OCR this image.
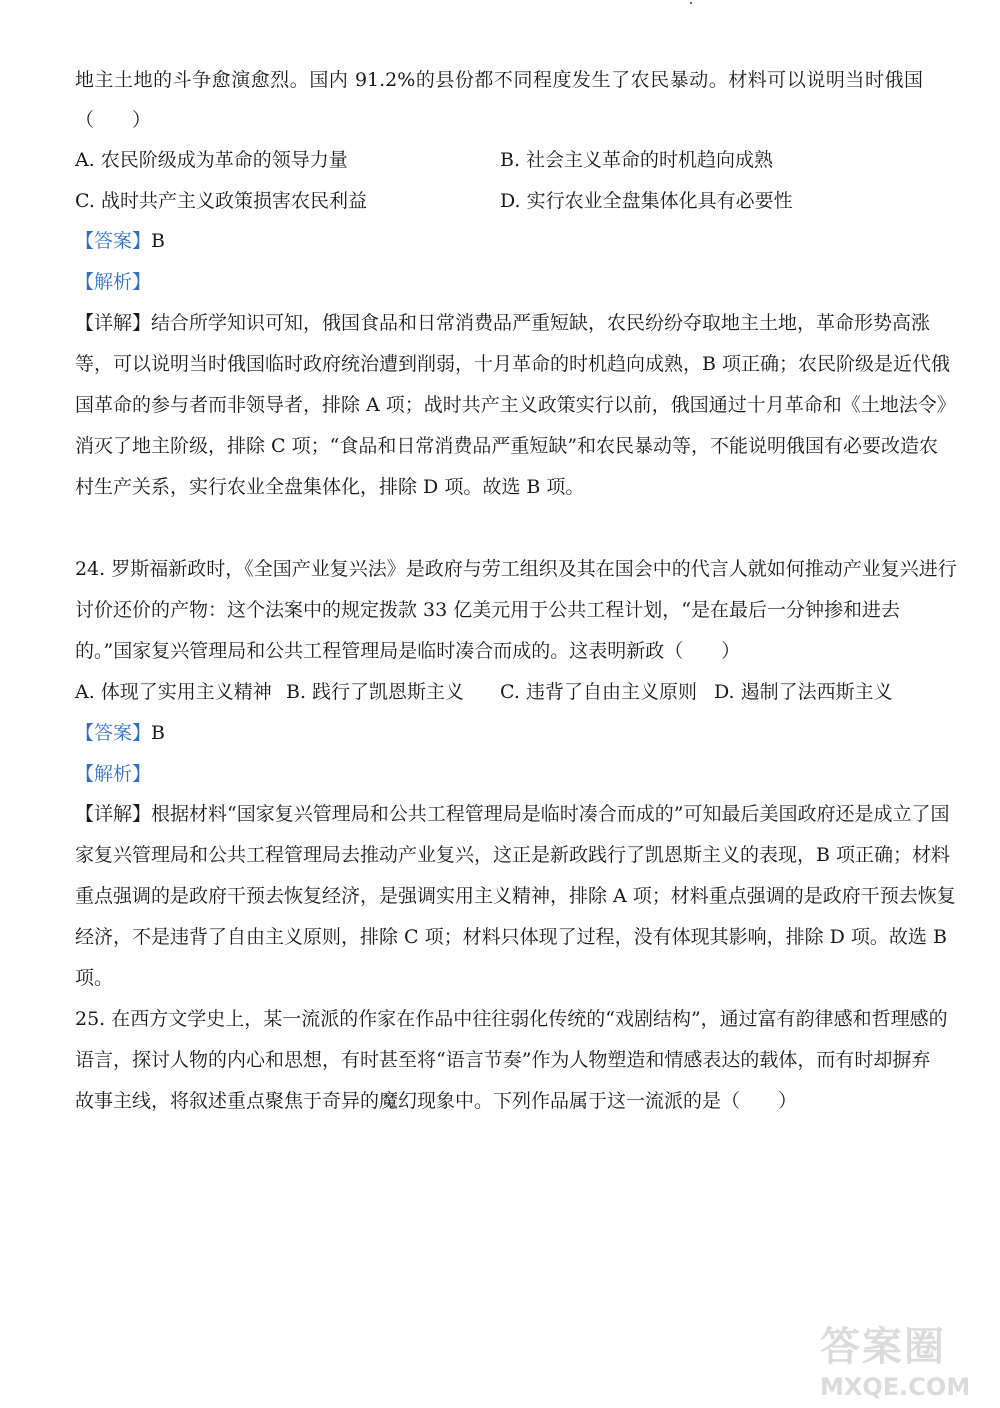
地主土地的斗争愈演愈烈。国内 91.2%的县份都不同程度发生了农民暴动。材料可以说明当时俄国
（　　）
A. 农民阶级成为革命的领导力量	B. 社会主义革命的时机趋向成熟
C. 战时共产主义政策损害农民利益	D. 实行农业全盘集体化具有必要性
【答案】B
【解析】
【详解】结合所学知识可知，俄国食品和日常消费品严重短缺，农民纷纷夺取地主土地，革命形势高涨
等，可以说明当时俄国临时政府统治遭到削弱，十月革命的时机趋向成熟，B 项正确；农民阶级是近代俄
国革命的参与者而非领导者，排除 A 项；战时共产主义政策实行以前，俄国通过十月革命和《土地法令》
消灭了地主阶级，排除 C 项；“食品和日常消费品严重短缺”和农民暴动等，不能说明俄国有必要改造农
村生产关系，实行农业全盘集体化，排除 D 项。故选 B 项。
24. 罗斯福新政时，《全国产业复兴法》是政府与劳工组织及其在国会中的代言人就如何推动产业复兴进行
讨价还价的产物：这个法案中的规定拨款 33 亿美元用于公共工程计划，“是在最后一分钟掺和进去
的。”国家复兴管理局和公共工程管理局是临时凑合而成的。这表明新政（　　）
A. 体现了实用主义精神 B. 践行了凯恩斯主义 C. 违背了自由主义原则 D. 遏制了法西斯主义
【答案】B
【解析】
【详解】根据材料“国家复兴管理局和公共工程管理局是临时凑合而成的”可知最后美国政府还是成立了国
家复兴管理局和公共工程管理局去推动产业复兴，这正是新政践行了凯恩斯主义的表现，B 项正确；材料
重点强调的是政府干预去恢复经济，是强调实用主义精神，排除 A 项；材料重点强调的是政府干预去恢复
经济，不是违背了自由主义原则，排除 C 项；材料只体现了过程，没有体现其影响，排除 D 项。故选 B
项。
25. 在西方文学史上，某一流派的作家在作品中往往弱化传统的“戏剧结构”，通过富有韵律感和哲理感的
语言，探讨人物的内心和思想，有时甚至将“语言节奏”作为人物塑造和情感表达的载体，而有时却摒弃
故事主线，将叙述重点聚焦于奇异的魔幻现象中。下列作品属于这一流派的是（　　）
答案圈
MXQE.COM
